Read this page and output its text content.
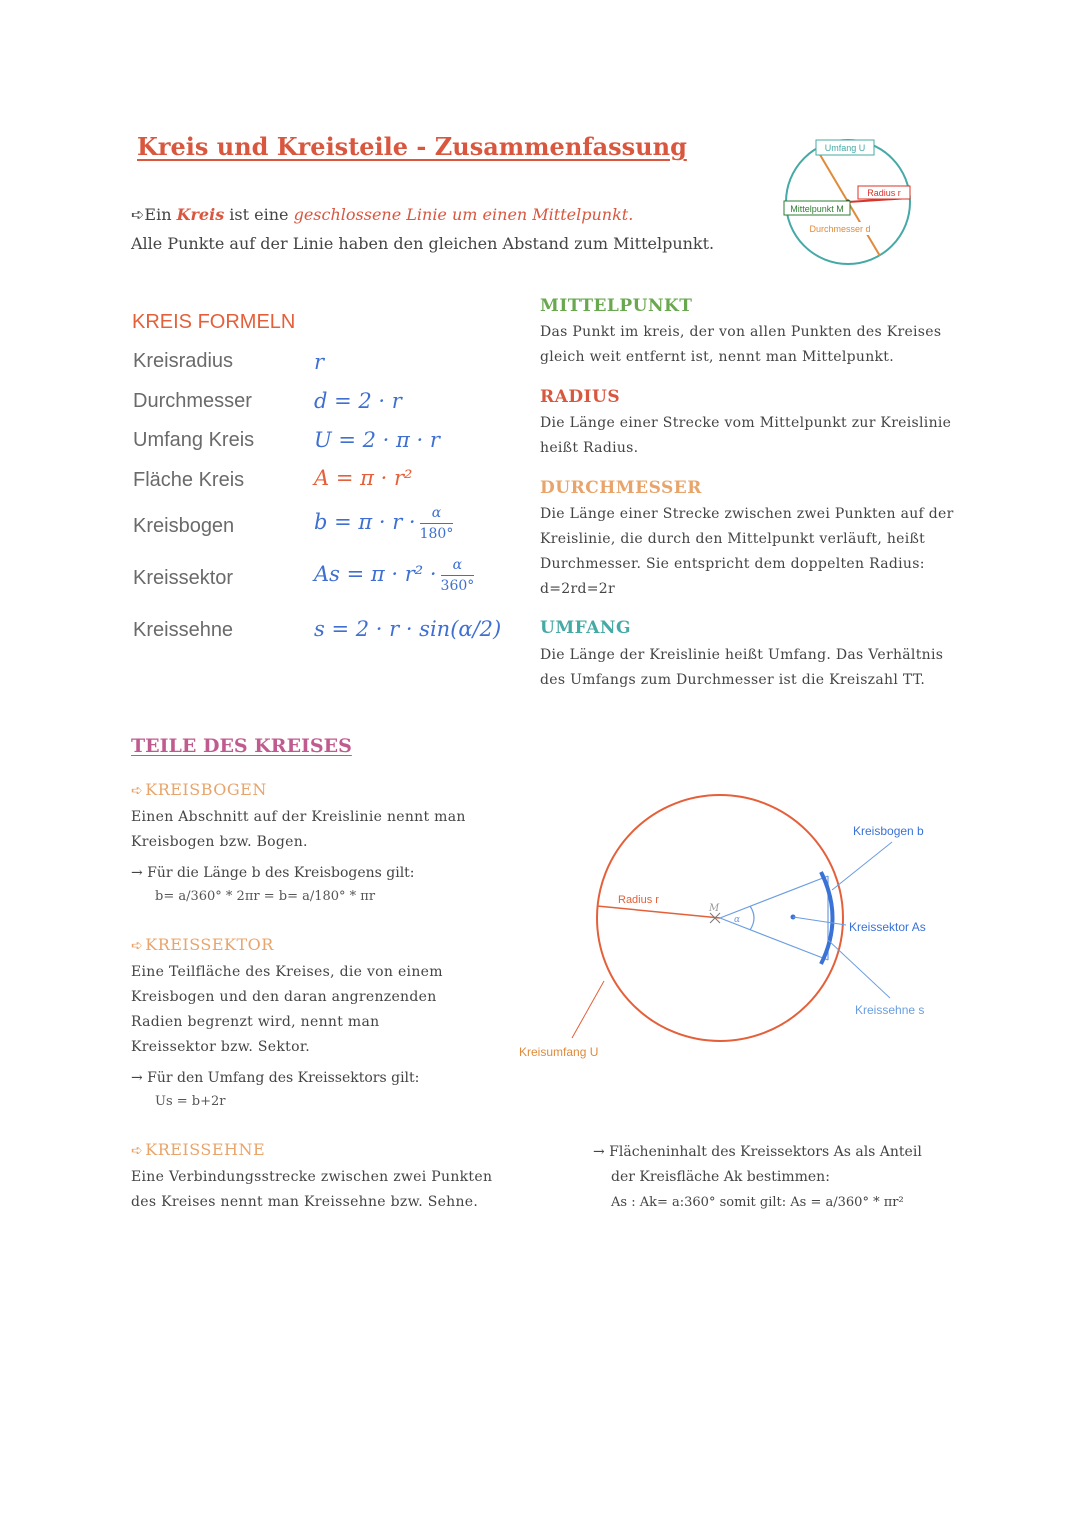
Kreis und Kreisteile - Zusammenfassung
➪Ein Kreis ist eine geschlossene Linie um einen Mittelpunkt.
Alle Punkte auf der Linie haben den gleichen Abstand zum Mittelpunkt.
Umfang U
Radius r
Mittelpunkt M
Durchmesser d
KREIS FORMELN
Kreisradius	r
Durchmesser	d = 2 · r
Umfang Kreis	U = 2 · π · r
Fläche Kreis	A = π · r²
Kreisbogen	$b = \pi \cdot r \cdot \frac{\alpha}{180^\circ}$
Kreissektor	$As = \pi \cdot r^2 \cdot \frac{\alpha}{360^\circ}$
Kreissehne	s = 2 · r · sin(α/2)
MITTELPUNKT
Das Punkt im kreis, der von allen Punkten des Kreises
gleich weit entfernt ist, nennt man Mittelpunkt.
RADIUS
Die Länge einer Strecke vom Mittelpunkt zur Kreislinie
heißt Radius.
DURCHMESSER
Die Länge einer Strecke zwischen zwei Punkten auf der
Kreislinie, die durch den Mittelpunkt verläuft, heißt
Durchmesser. Sie entspricht dem doppelten Radius:
d=2rd=2r
UMFANG
Die Länge der Kreislinie heißt Umfang. Das Verhältnis
des Umfangs zum Durchmesser ist die Kreiszahl TT.
TEILE DES KREISES
➪ KREISBOGEN
Einen Abschnitt auf der Kreislinie nennt man
Kreisbogen bzw. Bogen.
→ Für die Länge b des Kreisbogens gilt:
b= a/360° * 2πr = b= a/180° * πr
➪ KREISSEKTOR
Eine Teilfläche des Kreises, die von einem
Kreisbogen und den daran angrenzenden
Radien begrenzt wird, nennt man
Kreissektor bzw. Sektor.
→ Für den Umfang des Kreissektors gilt:
Us = b+2r
➪ KREISSEHNE
Eine Verbindungsstrecke zwischen zwei Punkten
des Kreises nennt man Kreissehne bzw. Sehne.
Radius r
M
α
Kreisbogen b
Kreissektor As
Kreissehne s
Kreisumfang U
→ Flächeninhalt des Kreissektors As als Anteil
der Kreisfläche Ak bestimmen:
As : Ak= a:360° somit gilt: As = a/360° * πr²
